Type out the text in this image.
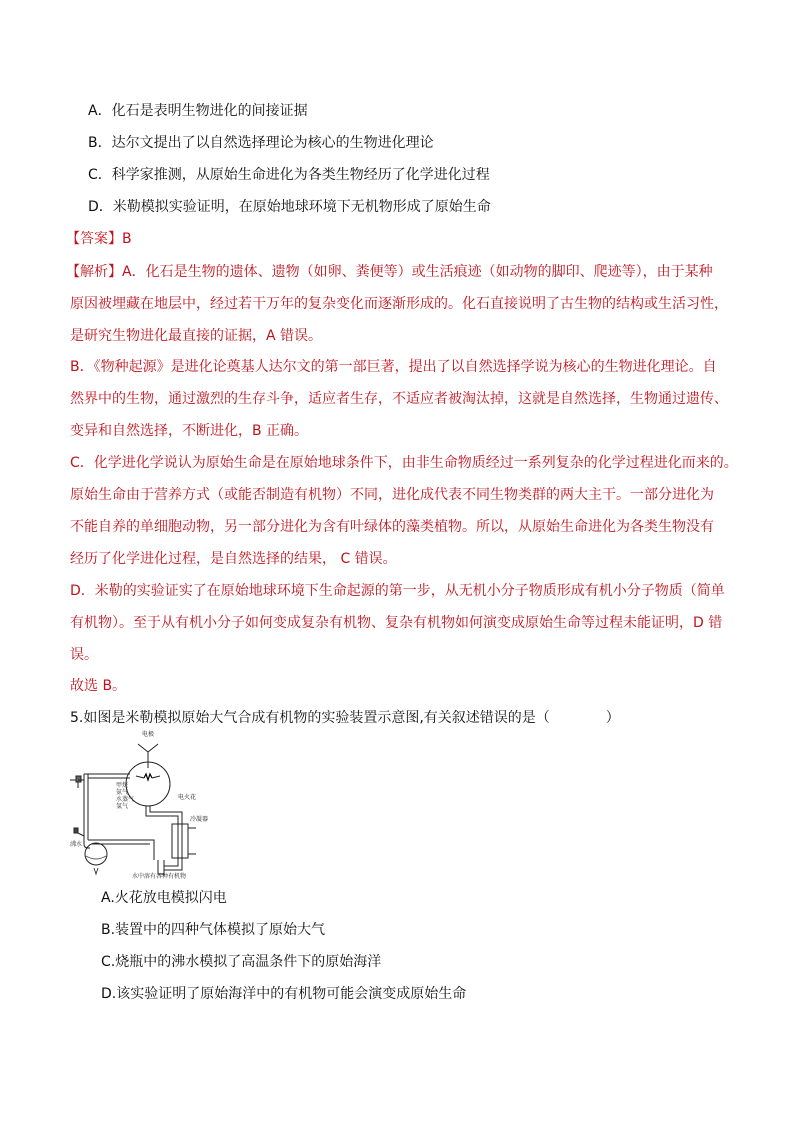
A．化石是表明生物进化的间接证据
B．达尔文提出了以自然选择理论为核心的生物进化理论
C．科学家推测，从原始生命进化为各类生物经历了化学进化过程
D．米勒模拟实验证明，在原始地球环境下无机物形成了原始生命
【答案】B
【解析】A．化石是生物的遗体、遗物（如卵、粪便等）或生活痕迹（如动物的脚印、爬迹等），由于某种
原因被埋藏在地层中，经过若干万年的复杂变化而逐渐形成的。化石直接说明了古生物的结构或生活习性，
是研究生物进化最直接的证据，A 错误。
B．《物种起源》是进化论奠基人达尔文的第一部巨著，提出了以自然选择学说为核心的生物进化理论。自
然界中的生物，通过激烈的生存斗争，适应者生存，不适应者被淘汰掉，这就是自然选择，生物通过遗传、
变异和自然选择，不断进化，B 正确。
C．化学进化学说认为原始生命是在原始地球条件下，由非生命物质经过一系列复杂的化学过程进化而来的。
原始生命由于营养方式（或能否制造有机物）不同，进化成代表不同生物类群的两大主干。一部分进化为
不能自养的单细胞动物，另一部分进化为含有叶绿体的藻类植物。所以，从原始生命进化为各类生物没有
经历了化学进化过程，是自然选择的结果， C 错误。
D．米勒的实验证实了在原始地球环境下生命起源的第一步，从无机小分子物质形成有机小分子物质（简单
有机物）。至于从有机小分子如何变成复杂有机物、复杂有机物如何演变成原始生命等过程未能证明，D 错
误。
故选 B。
5.如图是米勒模拟原始大气合成有机物的实验装置示意图,有关叙述错误的是（　　　　）
电极
甲烷
氨气
水蒸气
氢气
电火花
冷凝器
沸水
水中溶有各种有机物
A.火花放电模拟闪电
B.装置中的四种气体模拟了原始大气
C.烧瓶中的沸水模拟了高温条件下的原始海洋
D.该实验证明了原始海洋中的有机物可能会演变成原始生命
